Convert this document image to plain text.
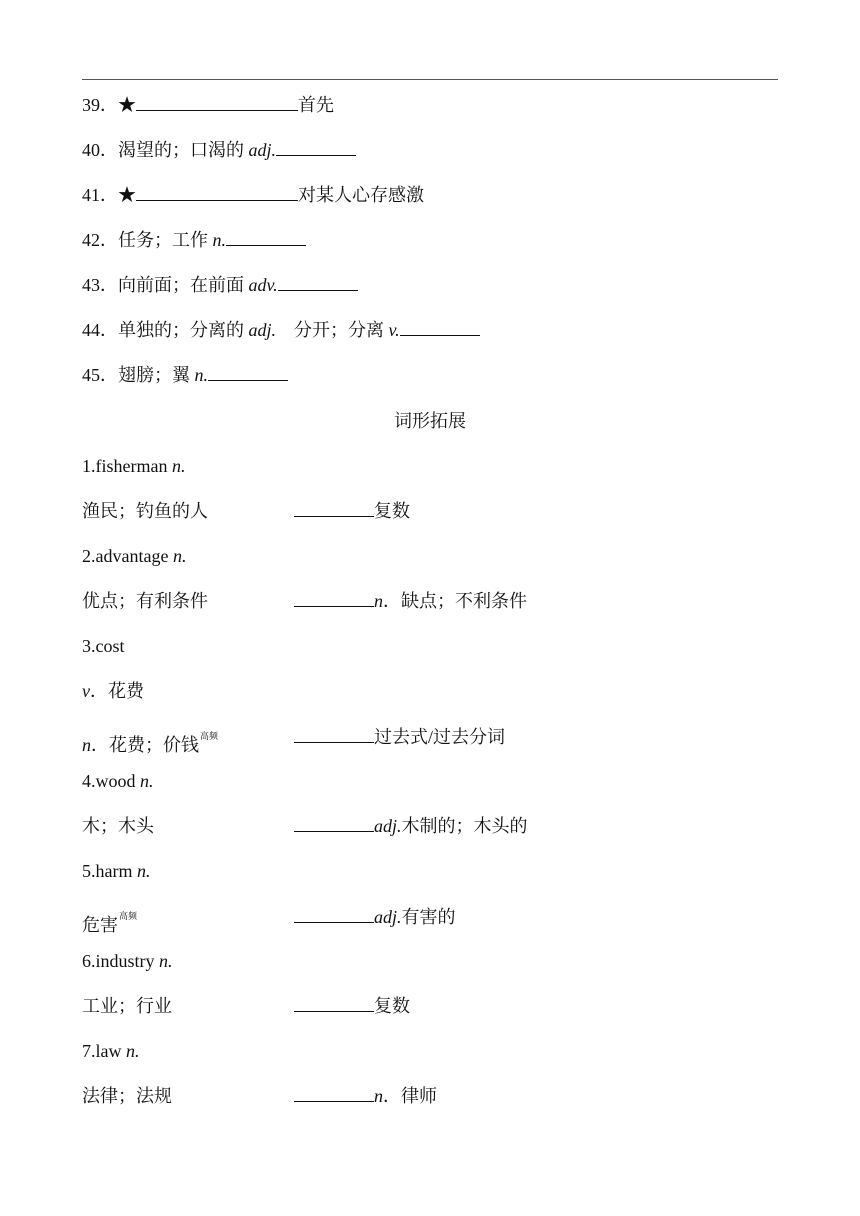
39．★	首先
40．渴望的；口渴的 adj.
41．★	对某人心存感激
42．任务；工作 n.
43．向前面；在前面 adv.
44．单独的；分离的 adj. 分开；分离 v.
45．翅膀；翼 n.
词形拓展
1.fisherman n.
渔民；钓鱼的人	复数
2.advantage n.
优点；有利条件	n．缺点；不利条件
3.cost
v．花费
n．花费；价钱$^{高频}$	过去式/过去分词
4.wood n.
木；木头	adj.木制的；木头的
5.harm n.
危害$^{高频}$	adj.有害的
6.industry n.
工业；行业	复数
7.law n.
法律；法规	n．律师
